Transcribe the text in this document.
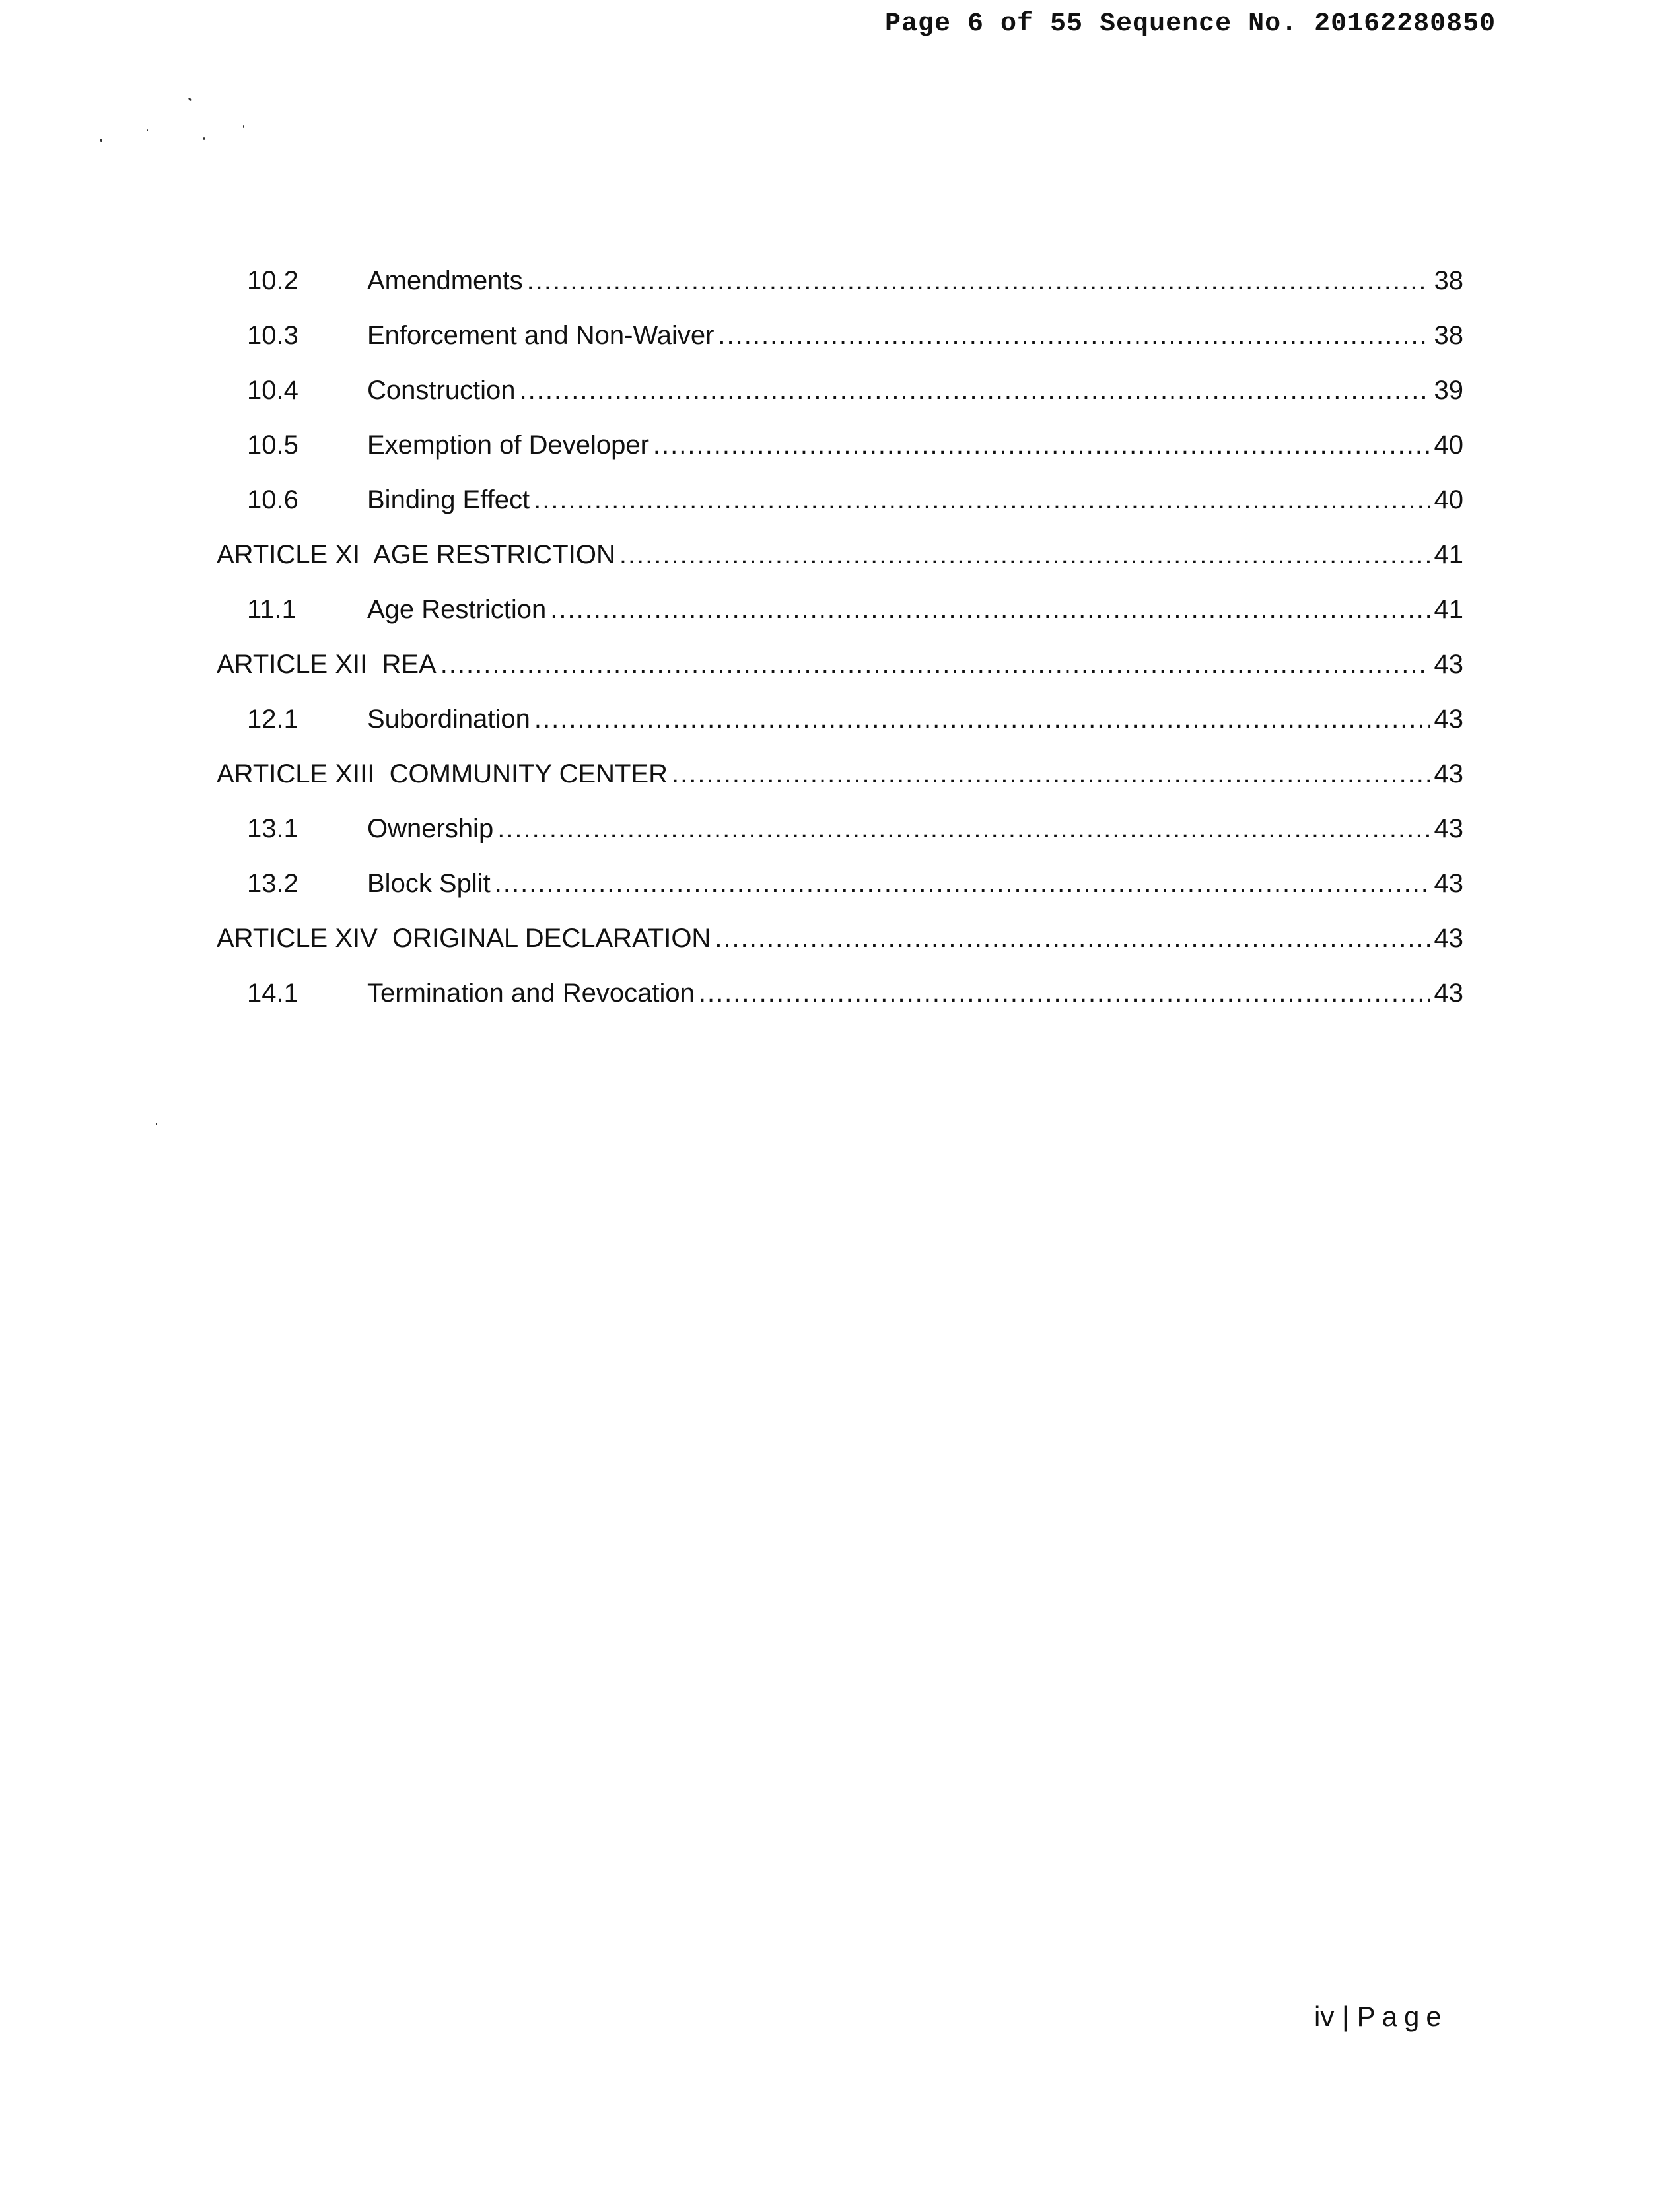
Page 6 of 55 Sequence No. 20162280850
10.2	Amendments .....	38
10.3	Enforcement and Non-Waiver .....	38
10.4	Construction .....	39
10.5	Exemption of Developer .....	40
10.6	Binding Effect .....	40
ARTICLE XI  AGE RESTRICTION .....	41
11.1	Age Restriction .....	41
ARTICLE XII  REA .....	43
12.1	Subordination .....	43
ARTICLE XIII  COMMUNITY CENTER .....	43
13.1	Ownership .....	43
13.2	Block Split .....	43
ARTICLE XIV  ORIGINAL DECLARATION .....	43
14.1	Termination and Revocation .....	43
iv | Page
